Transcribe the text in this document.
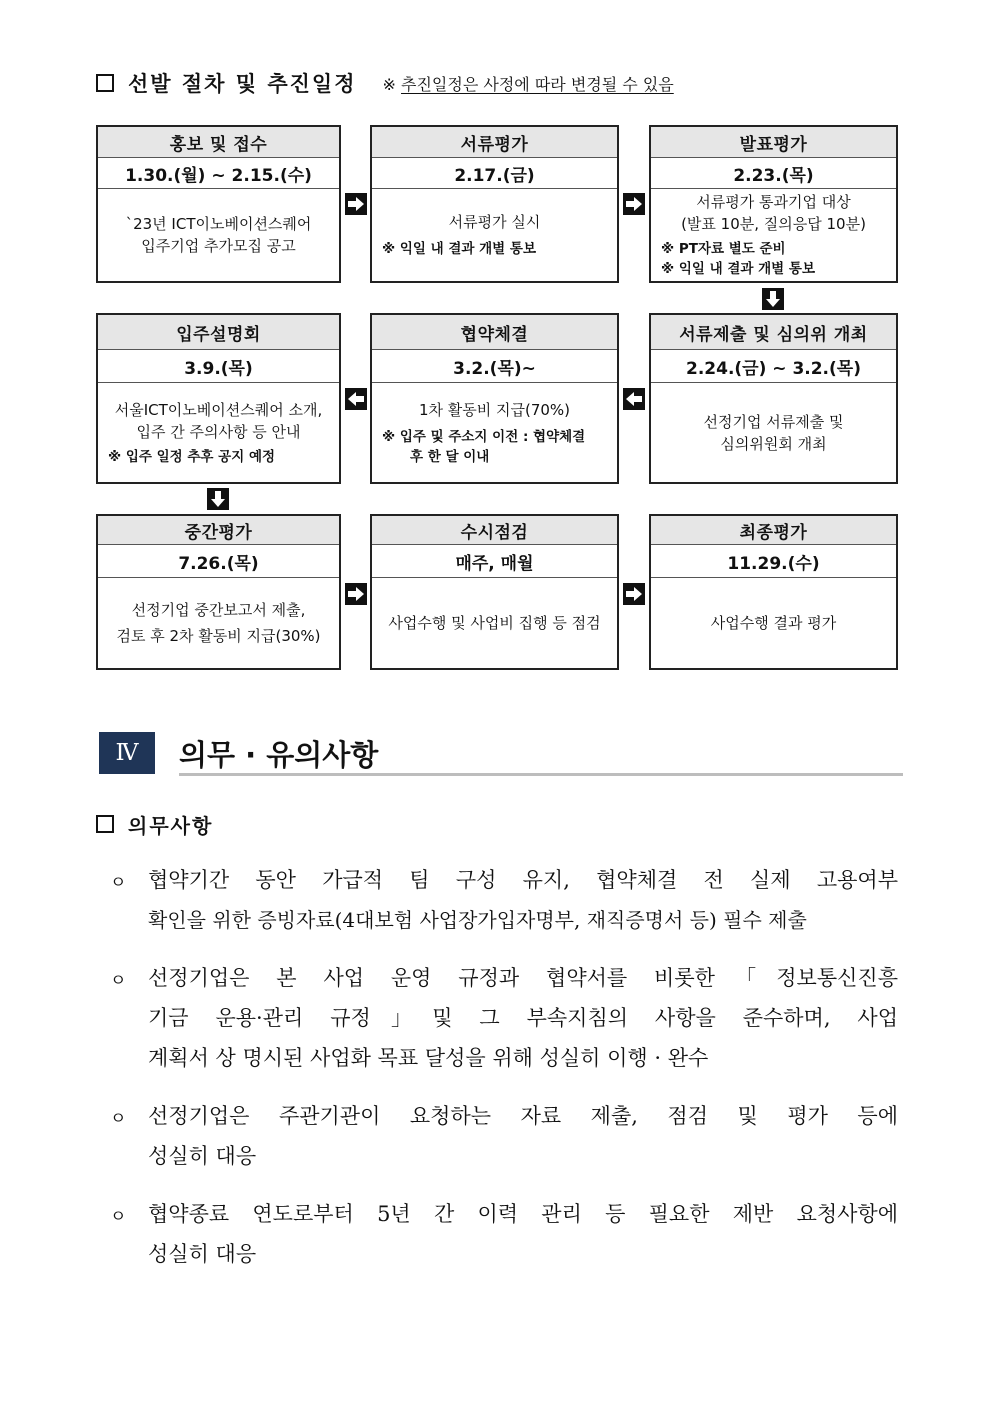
선발 절차 및 추진일정 ※ 추진일정은 사정에 따라 변경될 수 있음
홍보 및 접수
1.30.(월) ~ 2.15.(수)
`23년 ICT이노베이션스퀘어
입주기업 추가모집 공고
서류평가
2.17.(금)
서류평가 실시
※ 익일 내 결과 개별 통보
발표평가
2.23.(목)
서류평가 통과기업 대상
(발표 10분, 질의응답 10분)
※ PT자료 별도 준비
※ 익일 내 결과 개별 통보
입주설명회
3.9.(목)
서울ICT이노베이션스퀘어 소개,
입주 간 주의사항 등 안내
※ 입주 일정 추후 공지 예정
협약체결
3.2.(목)~
1차 활동비 지급(70%)
※ 입주 및 주소지 이전 : 협약체결
후 한 달 이내
서류제출 및 심의위 개최
2.24.(금) ~ 3.2.(목)
선정기업 서류제출 및
심의위원회 개최
중간평가
7.26.(목)
선정기업 중간보고서 제출,
검토 후 2차 활동비 지급(30%)
수시점검
매주, 매월
사업수행 및 사업비 집행 등 점검
최종평가
11.29.(수)
사업수행 결과 평가
Ⅳ	의무 · 유의사항
의무사항
ㅇ 협약기간 동안 가급적 팀 구성 유지, 협약체결 전 실제 고용여부
확인을 위한 증빙자료(4대보험 사업장가입자명부, 재직증명서 등) 필수 제출
ㅇ 선정기업은 본 사업 운영 규정과 협약서를 비롯한「정보통신진흥
기금 운용·관리 규정」및 그 부속지침의 사항을 준수하며, 사업
계획서 상 명시된 사업화 목표 달성을 위해 성실히 이행 · 완수
ㅇ 선정기업은 주관기관이 요청하는 자료 제출, 점검 및 평가 등에
성실히 대응
ㅇ 협약종료 연도로부터 5년 간 이력 관리 등 필요한 제반 요청사항에
성실히 대응
